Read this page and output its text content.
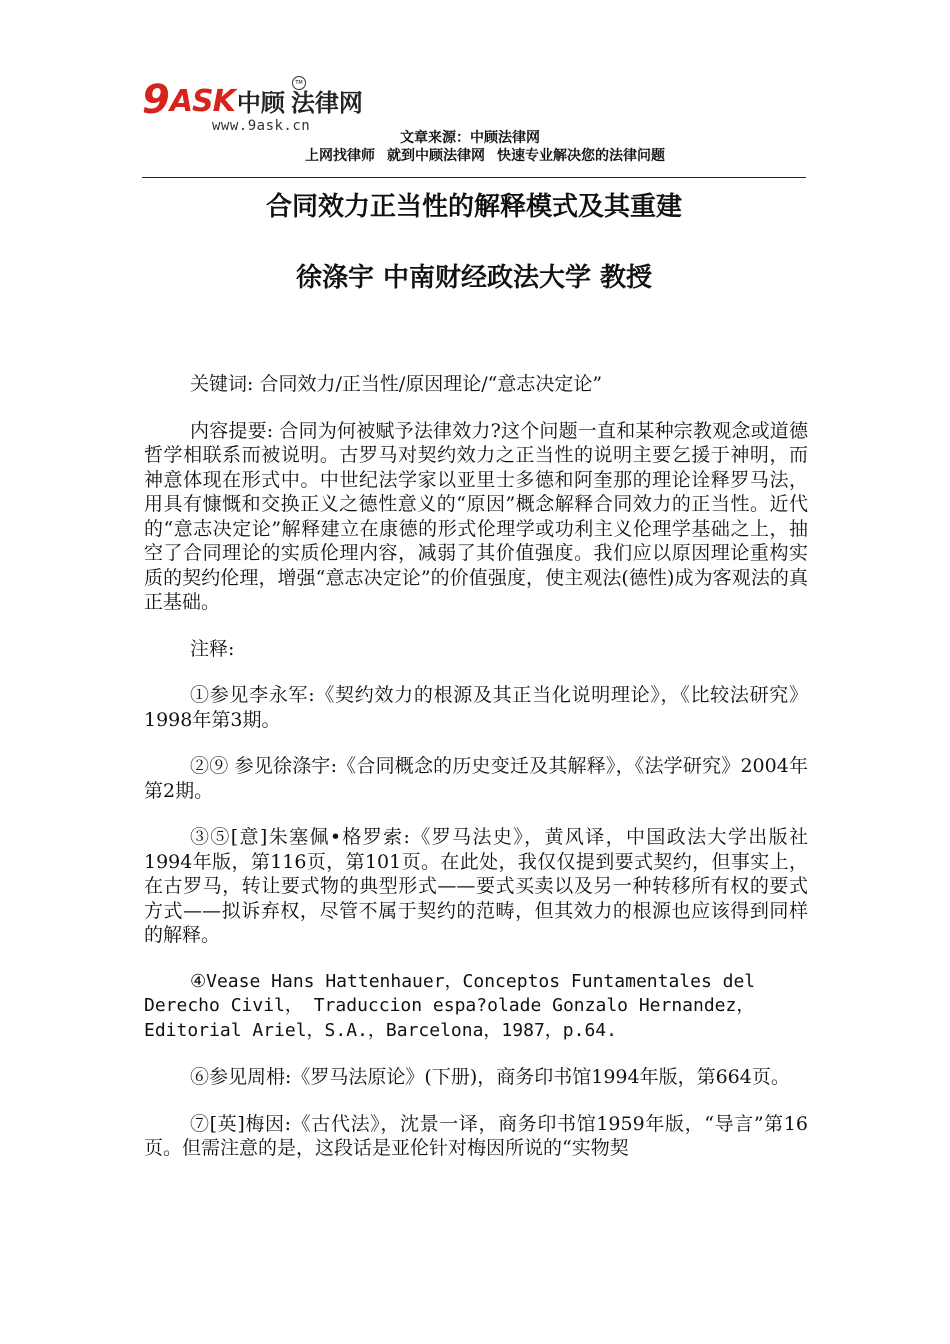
9 ASK 中顾 法律网
TM
www.9ask.cn
文章来源：中顾法律网
上网找律师 就到中顾法律网 快速专业解决您的法律问题
合同效力正当性的解释模式及其重建
徐涤宇 中南财经政法大学 教授

关键词: 合同效力/正当性/原因理论/“意志决定论”

内容提要: 合同为何被赋予法律效力?这个问题一直和某种宗教观念或道德哲学相联系而被说明。古罗马对契约效力之正当性的说明主要乞援于神明，而神意体现在形式中。中世纪法学家以亚里士多德和阿奎那的理论诠释罗马法，用具有慷慨和交换正义之德性意义的“原因”概念解释合同效力的正当性。近代的“意志决定论”解释建立在康德的形式伦理学或功利主义伦理学基础之上，抽空了合同理论的实质伦理内容，减弱了其价值强度。我们应以原因理论重构实质的契约伦理，增强“意志决定论”的价值强度，使主观法(德性)成为客观法的真正基础。

注释:

①参见李永军:《契约效力的根源及其正当化说明理论》，《比较法研究》1998年第3期。

②⑨ 参见徐涤宇:《合同概念的历史变迁及其解释》，《法学研究》2004年第2期。

③⑤[意]朱塞佩•格罗索:《罗马法史》，黄风译，中国政法大学出版社1994年版，第116页，第101页。在此处，我仅仅提到要式契约，但事实上，在古罗马，转让要式物的典型形式——要式买卖以及另一种转移所有权的要式方式——拟诉弃权，尽管不属于契约的范畴，但其效力的根源也应该得到同样的解释。

④Vease Hans Hattenhauer，Conceptos Funtamentales del Derecho Civil， Traduccion espa?olade Gonzalo Hernandez，Editorial Ariel，S.A.，Barcelona，1987，p.64.

⑥参见周枏:《罗马法原论》(下册)，商务印书馆1994年版，第664页。

⑦[英]梅因:《古代法》，沈景一译，商务印书馆1959年版，“导言”第16页。但需注意的是，这段话是亚伦针对梅因所说的“实物契
